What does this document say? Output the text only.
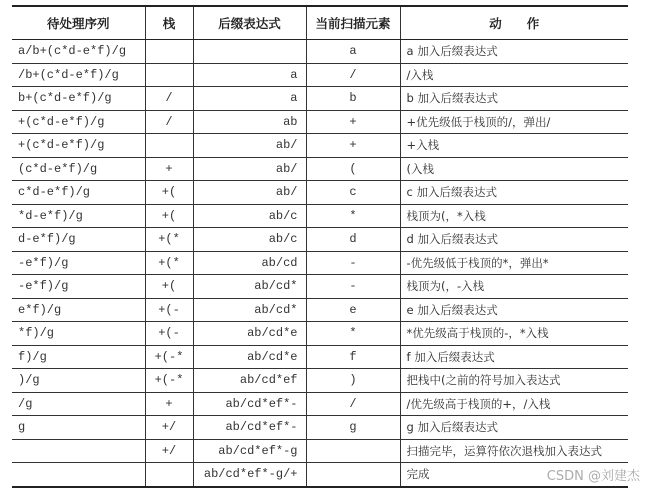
待处理序列	栈	后缀表达式	当前扫描元素	动　　作
a/b+(c*d-e*f)/g			a	a 加入后缀表达式
/b+(c*d-e*f)/g		a	/	/入栈
b+(c*d-e*f)/g	/	a	b	b 加入后缀表达式
+(c*d-e*f)/g	/	ab	+	+优先级低于栈顶的/，弹出/
+(c*d-e*f)/g		ab/	+	+入栈
(c*d-e*f)/g	+	ab/	(	(入栈
c*d-e*f)/g	+(	ab/	c	c 加入后缀表达式
*d-e*f)/g	+(	ab/c	*	栈顶为(，*入栈
d-e*f)/g	+(*	ab/c	d	d 加入后缀表达式
-e*f)/g	+(*	ab/cd	-	-优先级低于栈顶的*，弹出*
-e*f)/g	+(	ab/cd*	-	栈顶为(，-入栈
e*f)/g	+(-	ab/cd*	e	e 加入后缀表达式
*f)/g	+(-	ab/cd*e	*	*优先级高于栈顶的-，*入栈
f)/g	+(-*	ab/cd*e	f	f 加入后缀表达式
)/g	+(-*	ab/cd*ef	)	把栈中(之前的符号加入表达式
/g	+	ab/cd*ef*-	/	/优先级高于栈顶的+，/入栈
g	+/	ab/cd*ef*-	g	g 加入后缀表达式
	+/	ab/cd*ef*-g		扫描完毕，运算符依次退栈加入表达式
		ab/cd*ef*-g/+		完成	CSDN @刘建杰
